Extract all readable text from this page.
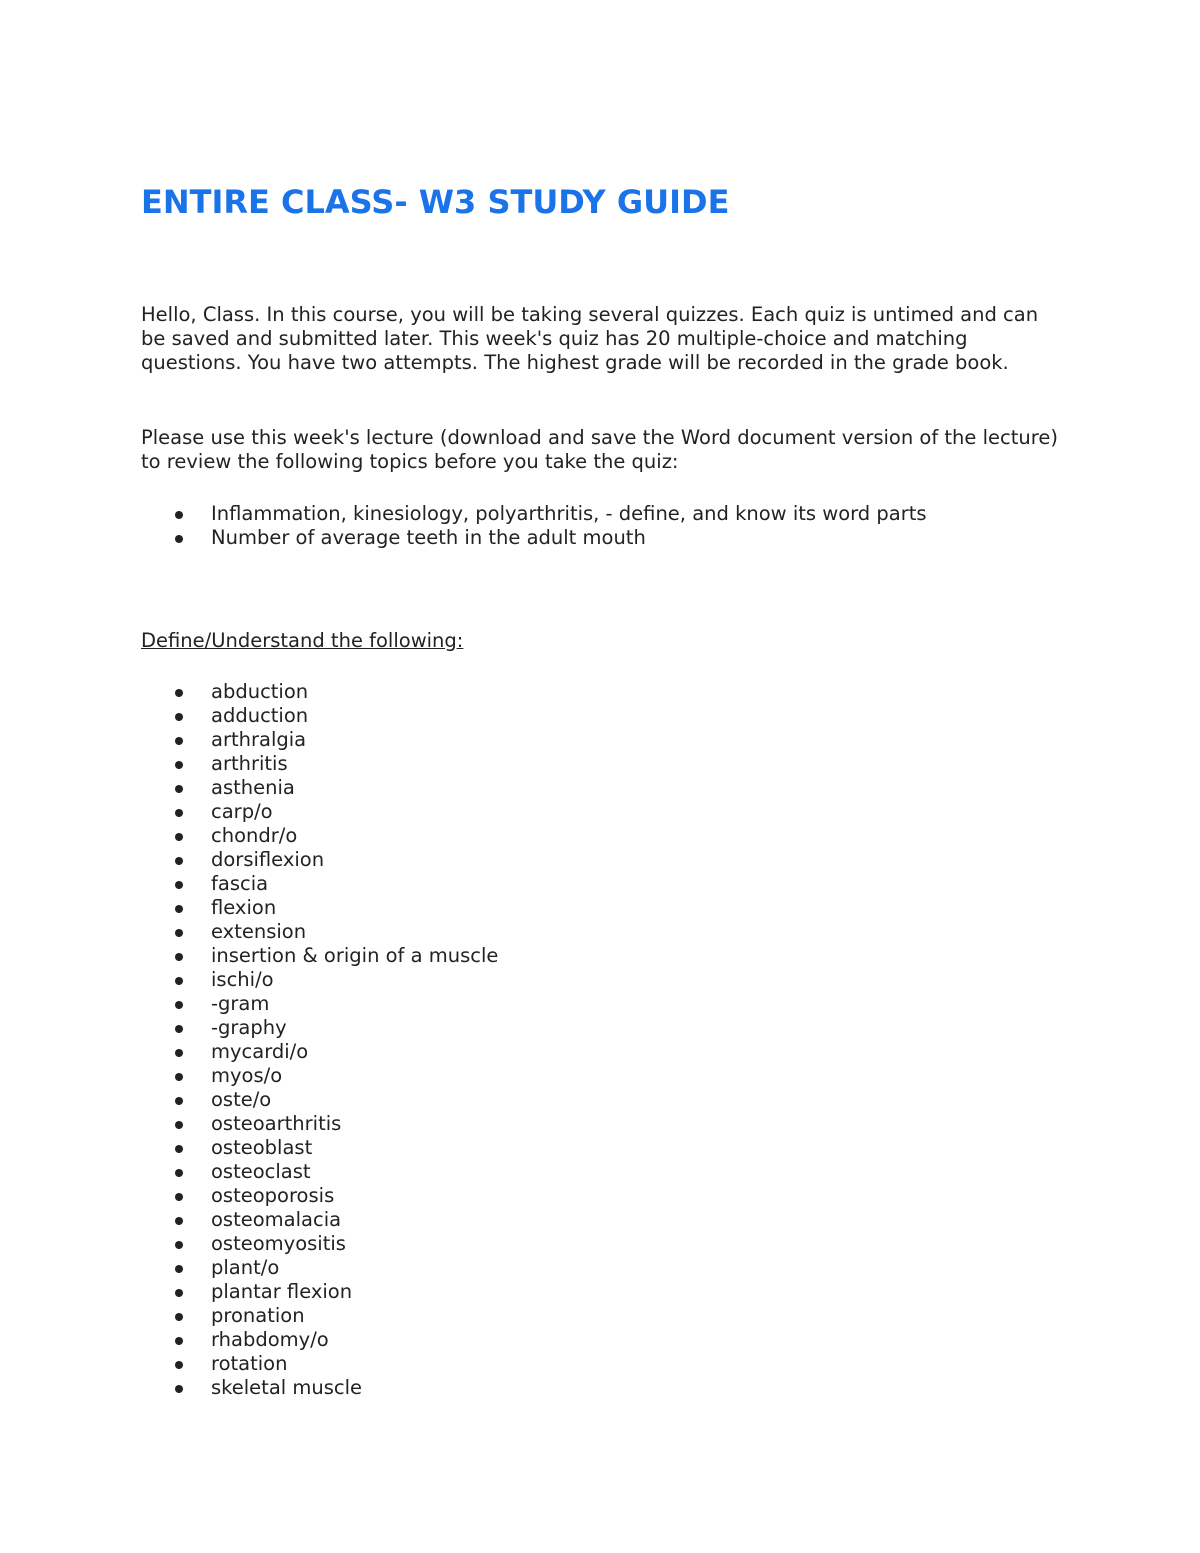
ENTIRE CLASS- W3 STUDY GUIDE

Hello, Class. In this course, you will be taking several quizzes. Each quiz is untimed and can be saved and submitted later. This week's quiz has 20 multiple-choice and matching questions. You have two attempts. The highest grade will be recorded in the grade book.

Please use this week's lecture (download and save the Word document version of the lecture) to review the following topics before you take the quiz:

Inflammation, kinesiology, polyarthritis, - define, and know its word parts
Number of average teeth in the adult mouth

Define/Understand the following:

abduction
adduction
arthralgia
arthritis
asthenia
carp/o
chondr/o
dorsiflexion
fascia
flexion
extension
insertion & origin of a muscle
ischi/o
-gram
-graphy
mycardi/o
myos/o
oste/o
osteoarthritis
osteoblast
osteoclast
osteoporosis
osteomalacia
osteomyositis
plant/o
plantar flexion
pronation
rhabdomy/o
rotation
skeletal muscle
